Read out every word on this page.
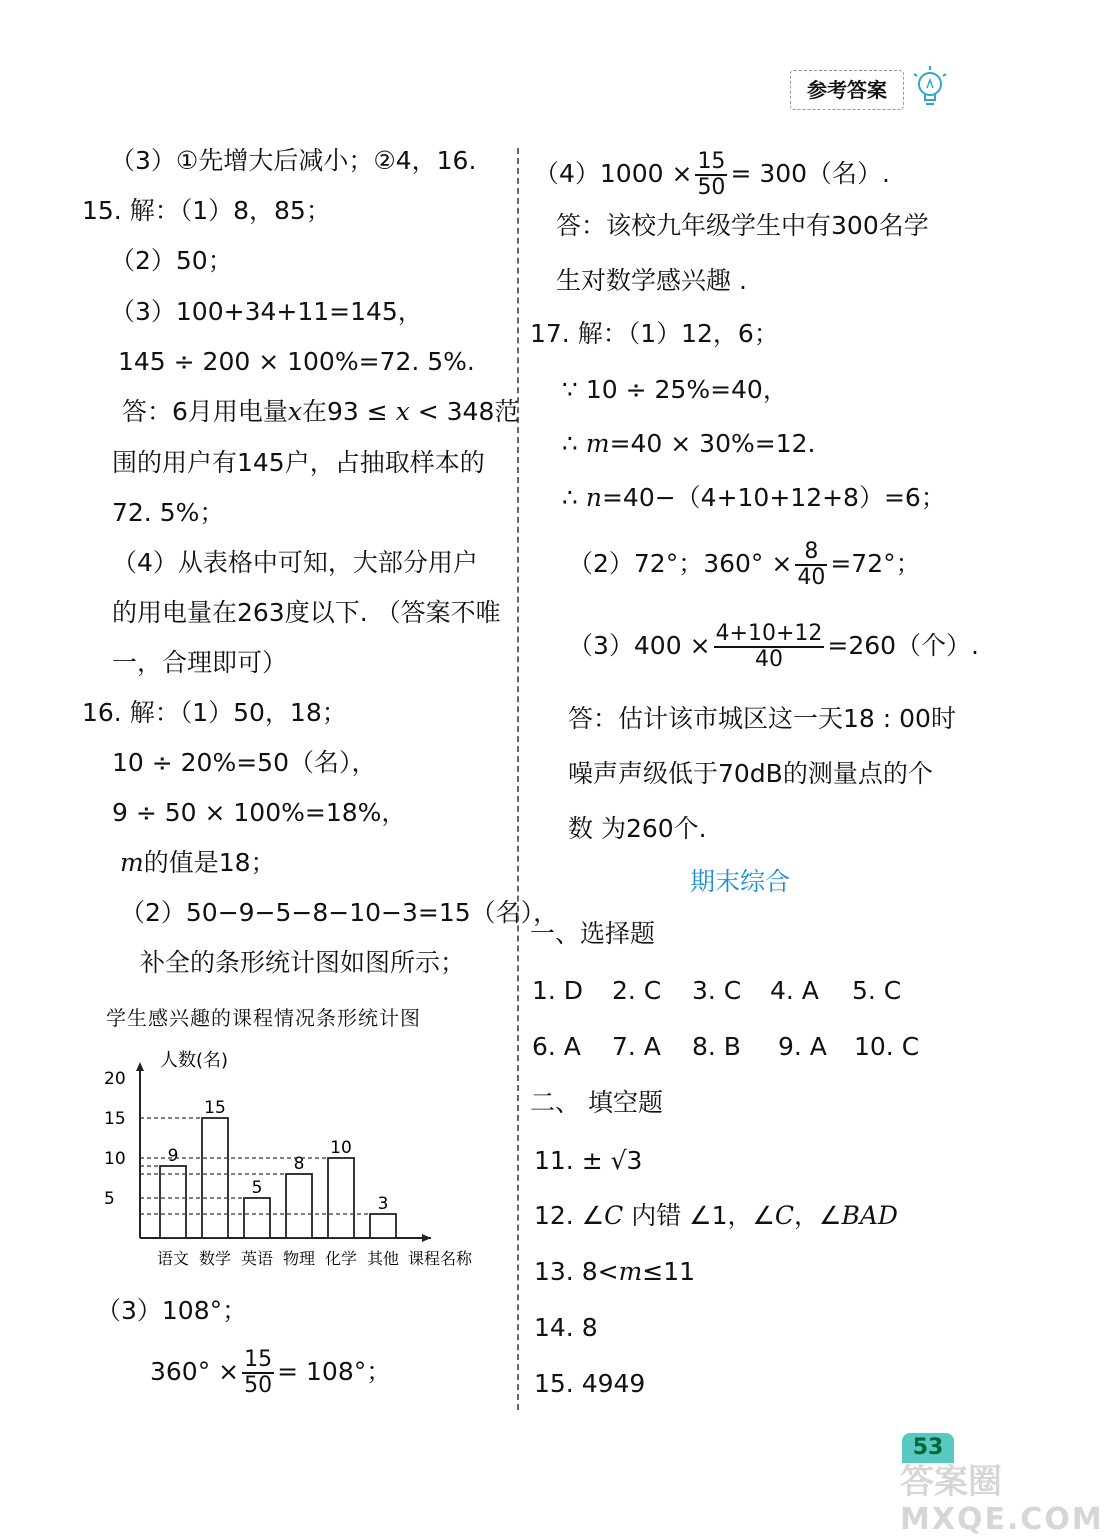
参考答案
（3）①先增大后减小；②4，16.
15. 解：（1）8，85；
（2）50；
（3）100+34+11=145，
145 ÷ 200 × 100%=72. 5%.
答：6月用电量x在93 ≤ x < 348范
围的用户有145户，占抽取样本的
72. 5%；
（4）从表格中可知，大部分用户
的用电量在263度以下. （答案不唯
一，合理即可）
16. 解：（1）50，18；
10 ÷ 20%=50（名），
9 ÷ 50 × 100%=18%，
m的值是18；
（2）50−9−5−8−10−3=15（名），
补全的条形统计图如图所示；
学生感兴趣的课程情况条形统计图
人数(名)
课程名称
5
10
15
20
9
语文
15
数学
5
英语
8
物理
10
化学
3
其他
（3）108°；
$360^\circ \times \frac{15}{50} = 108^\circ$；
$(4)1000 \times \frac{15}{50} = 300$（名）.
答：该校九年级学生中有300名学
生对数学感兴趣 .
17. 解：（1）12，6；
∵ 10 ÷ 25%=40，
∴ m=40 × 30%=12.
∴ n=40−（4+10+12+8）=6；
（2）72°；$360^\circ \times \frac{8}{40} =72^\circ$；
$(3)400 \times \frac{4+10+12}{40} =260$（个）.
答：估计该市城区这一天18 : 00时
噪声声级低于70dB的测量点的个
数 为260个.
期末综合
一、选择题
1. D 2. C 3. C 4. A 5. C
6. A 7. A 8. B 9. A 10. C
二、 填空题
11. ± √3
12. ∠C 内错 ∠1，∠C，∠BAD
13. 8<m≤11
14. 8
15. 4949
53
答案圈
MXQE.COM
